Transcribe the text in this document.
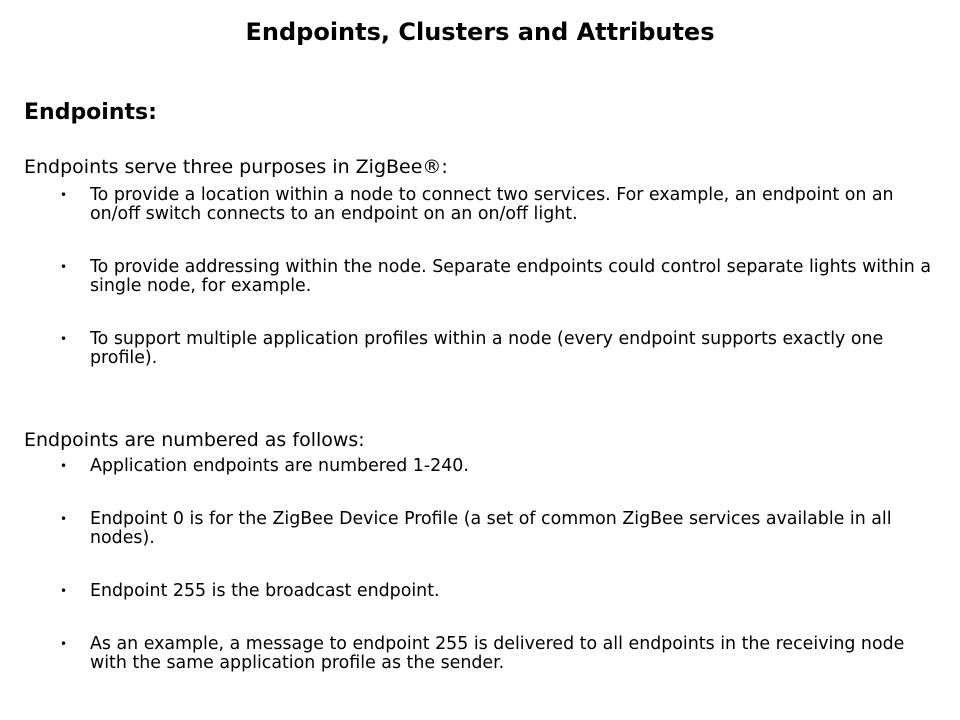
Endpoints, Clusters and Attributes
Endpoints:

Endpoints serve three purposes in ZigBee®:

• To provide a location within a node to connect two services. For example, an endpoint on an on/off switch connects to an endpoint on an on/off light.
• To provide addressing within the node. Separate endpoints could control separate lights within a single node, for example.
• To support multiple application profiles within a node (every endpoint supports exactly one profile).

Endpoints are numbered as follows:

• Application endpoints are numbered 1-240.
• Endpoint 0 is for the ZigBee Device Profile (a set of common ZigBee services available in all nodes).
• Endpoint 255 is the broadcast endpoint.
• As an example, a message to endpoint 255 is delivered to all endpoints in the receiving node with the same application profile as the sender.
